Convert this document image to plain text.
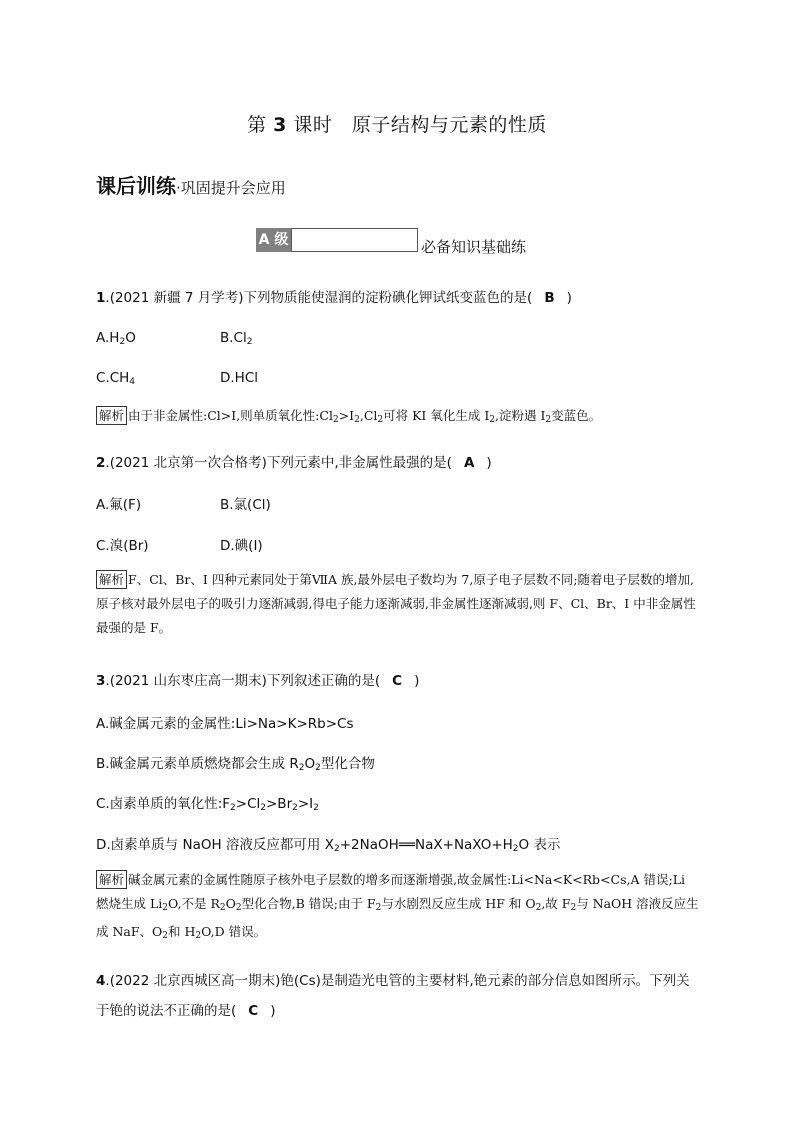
第 3 课时　原子结构与元素的性质
课后训练·巩固提升会应用
A 级	必备知识基础练
1.(2021 新疆 7 月学考)下列物质能使湿润的淀粉碘化钾试纸变蓝色的是( B )
$A.H_2O$	$B.Cl_2$
$C.CH_4$	D.HCl
解析 由于非金属性:Cl>I,则单质氧化性$:Cl_2>I_2,Cl_2$可将 KI 氧化生成 $I_2$,淀粉遇 $I_2$变蓝色。
2.(2021 北京第一次合格考)下列元素中,非金属性最强的是( A )
A.氟(F)	B.氯(Cl)
C.溴(Br)	D.碘(I)
解析 F、Cl、Br、I 四种元素同处于第ⅦA 族,最外层电子数均为 7,原子电子层数不同;随着电子层数的增加,原子核对最外层电子的吸引力逐渐减弱,得电子能力逐渐减弱,非金属性逐渐减弱,则 F、Cl、Br、I 中非金属性最强的是 F。
3.(2021 山东枣庄高一期末)下列叙述正确的是( C )
A.碱金属元素的金属性:Li>Na>K>Rb>Cs
B.碱金属元素单质燃烧都会生成 $R_2O_2$型化合物
C.卤素单质的氧化性$:F_2>Cl_2>Br_2>I_2$
D.卤素单质与 NaOH 溶液反应都可用 $X_2+2NaOH══NaX+NaXO+H_2O$ 表示
解析 碱金属元素的金属性随原子核外电子层数的增多而逐渐增强,故金属性:Li<Na<K<Rb<Cs,A 错误;Li 燃烧生成 $Li_2O$,不是 $R_2O_2$型化合物,B 错误;由于 $F_2$与水剧烈反应生成 HF 和 $O_2$,故 $F_2$与 NaOH 溶液反应生成 NaF、$O_2$和 $H_2O,D$ 错误。
4.(2022 北京西城区高一期末)铯(Cs)是制造光电管的主要材料,铯元素的部分信息如图所示。下列关于铯的说法不正确的是( C )
